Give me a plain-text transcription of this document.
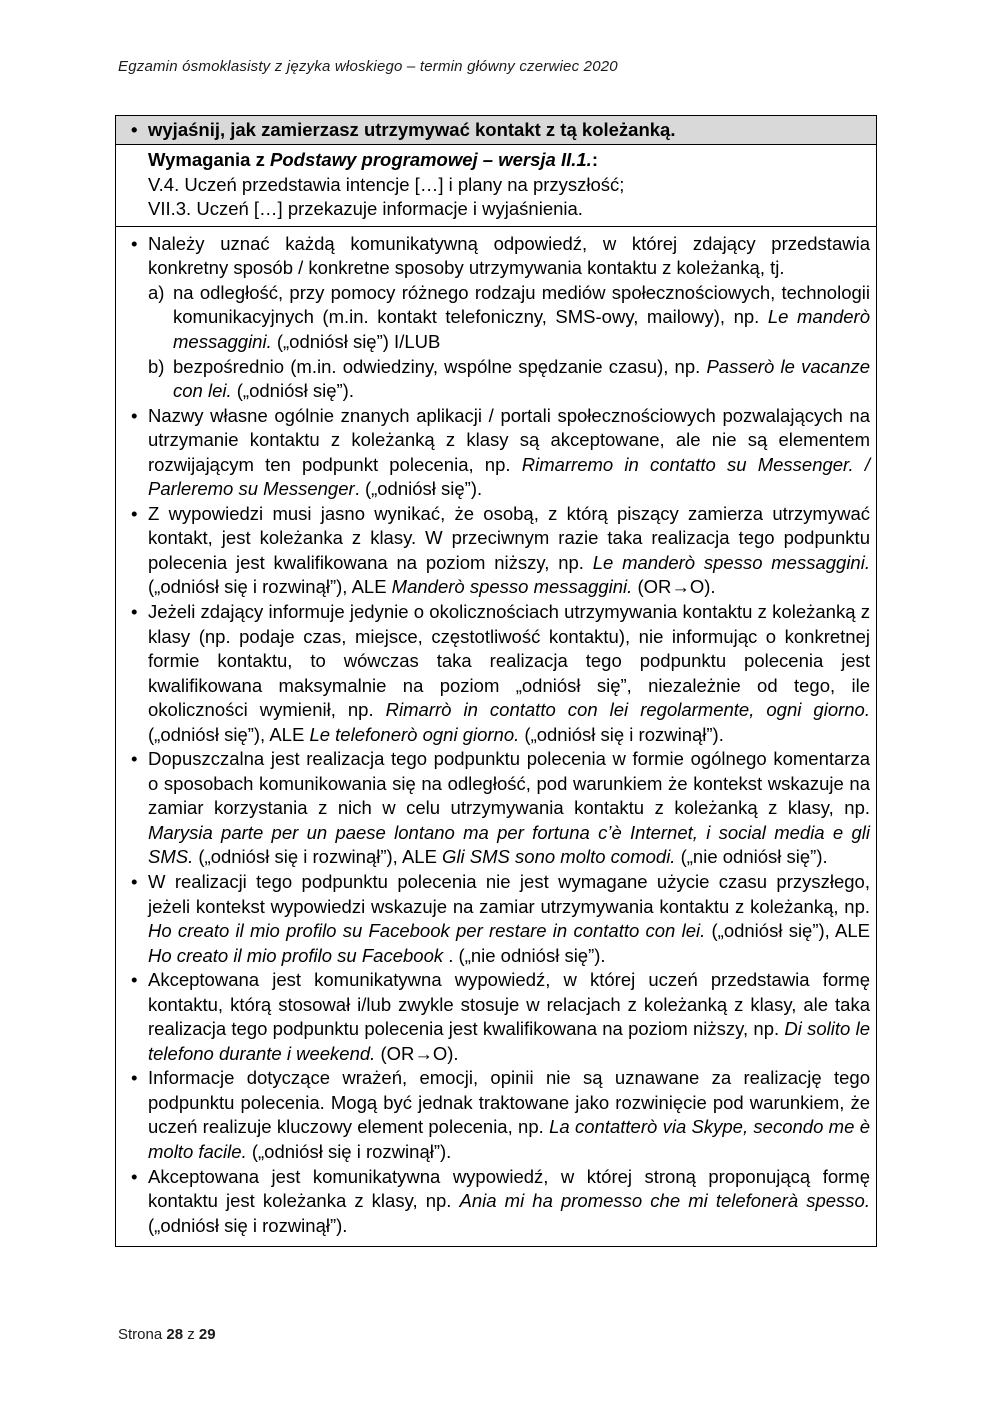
Egzamin ósmoklasisty z języka włoskiego – termin główny czerwiec 2020
• wyjaśnij, jak zamierzasz utrzymywać kontakt z tą koleżanką.

Wymagania z Podstawy programowej – wersja II.1.:
V.4. Uczeń przedstawia intencje […] i plany na przyszłość;
VII.3. Uczeń […] przekazuje informacje i wyjaśnienia.

• Należy uznać każdą komunikatywną odpowiedź, w której zdający przedstawia konkretny sposób / konkretne sposoby utrzymywania kontaktu z koleżanką, tj.
a) na odległość, przy pomocy różnego rodzaju mediów społecznościowych, technologii komunikacyjnych (m.in. kontakt telefoniczny, SMS-owy, mailowy), np. Le manderò messaggini. („odniósł się”) I/LUB
b) bezpośrednio (m.in. odwiedziny, wspólne spędzanie czasu), np. Passerò le vacanze con lei. („odniósł się”).
• Nazwy własne ogólnie znanych aplikacji / portali społecznościowych pozwalających na utrzymanie kontaktu z koleżanką z klasy są akceptowane, ale nie są elementem rozwijającym ten podpunkt polecenia, np. Rimarremo in contatto su Messenger. / Parleremo su Messenger. („odniósł się”).
• Z wypowiedzi musi jasno wynikać, że osobą, z którą piszący zamierza utrzymywać kontakt, jest koleżanka z klasy. W przeciwnym razie taka realizacja tego podpunktu polecenia jest kwalifikowana na poziom niższy, np. Le manderò spesso messaggini. („odniósł się i rozwinął”), ALE Manderò spesso messaggini. (OR→O).
• Jeżeli zdający informuje jedynie o okolicznościach utrzymywania kontaktu z koleżanką z klasy (np. podaje czas, miejsce, częstotliwość kontaktu), nie informując o konkretnej formie kontaktu, to wówczas taka realizacja tego podpunktu polecenia jest kwalifikowana maksymalnie na poziom „odniósł się”, niezależnie od tego, ile okoliczności wymienił, np. Rimarrò in contatto con lei regolarmente, ogni giorno. („odniósł się”), ALE Le telefonerò ogni giorno. („odniósł się i rozwinął”).
• Dopuszczalna jest realizacja tego podpunktu polecenia w formie ogólnego komentarza o sposobach komunikowania się na odległość, pod warunkiem że kontekst wskazuje na zamiar korzystania z nich w celu utrzymywania kontaktu z koleżanką z klasy, np. Marysia parte per un paese lontano ma per fortuna c’è Internet, i social media e gli SMS. („odniósł się i rozwinął”), ALE Gli SMS sono molto comodi. („nie odniósł się”).
• W realizacji tego podpunktu polecenia nie jest wymagane użycie czasu przyszłego, jeżeli kontekst wypowiedzi wskazuje na zamiar utrzymywania kontaktu z koleżanką, np. Ho creato il mio profilo su Facebook per restare in contatto con lei. („odniósł się”), ALE Ho creato il mio profilo su Facebook . („nie odniósł się”).
• Akceptowana jest komunikatywna wypowiedź, w której uczeń przedstawia formę kontaktu, którą stosował i/lub zwykle stosuje w relacjach z koleżanką z klasy, ale taka realizacja tego podpunktu polecenia jest kwalifikowana na poziom niższy, np. Di solito le telefono durante i weekend. (OR→O).
• Informacje dotyczące wrażeń, emocji, opinii nie są uznawane za realizację tego podpunktu polecenia. Mogą być jednak traktowane jako rozwinięcie pod warunkiem, że uczeń realizuje kluczowy element polecenia, np. La contatterò via Skype, secondo me è molto facile. („odniósł się i rozwinął”).
• Akceptowana jest komunikatywna wypowiedź, w której stroną proponującą formę kontaktu jest koleżanka z klasy, np. Ania mi ha promesso che mi telefonerà spesso.(„odniósł się i rozwinął”).
Strona 28 z 29
